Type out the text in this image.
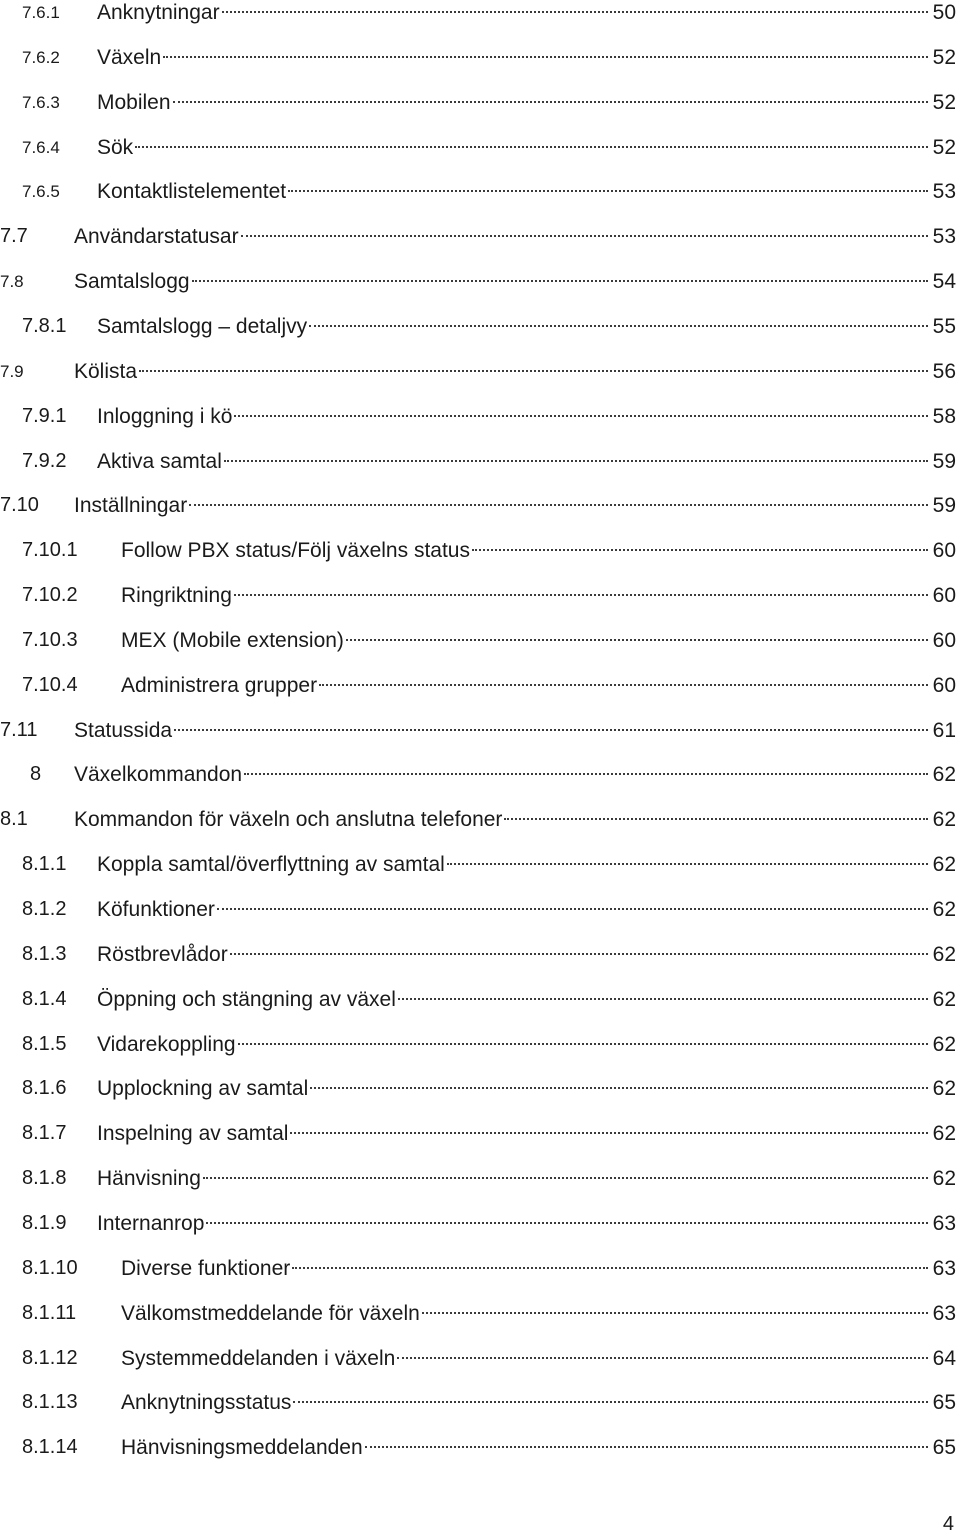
7.6.1 Anknytningar	50
7.6.2 Växeln	52
7.6.3 Mobilen	52
7.6.4 Sök	52
7.6.5 Kontaktlistelementet	53
7.7 Användarstatusar	53
7.8 Samtalslogg	54
7.8.1 Samtalslogg – detaljvy	55
7.9 Kölista	56
7.9.1 Inloggning i kö	58
7.9.2 Aktiva samtal	59
7.10 Inställningar	59
7.10.1 Follow PBX status/Följ växelns status	60
7.10.2 Ringriktning	60
7.10.3 MEX (Mobile extension)	60
7.10.4 Administrera grupper	60
7.11 Statussida	61
8 Växelkommandon	62
8.1 Kommandon för växeln och anslutna telefoner	62
8.1.1 Koppla samtal/överflyttning av samtal	62
8.1.2 Köfunktioner	62
8.1.3 Röstbrevlådor	62
8.1.4 Öppning och stängning av växel	62
8.1.5 Vidarekoppling	62
8.1.6 Upplockning av samtal	62
8.1.7 Inspelning av samtal	62
8.1.8 Hänvisning	62
8.1.9 Internanrop	63
8.1.10 Diverse funktioner	63
8.1.11 Välkomstmeddelande för växeln	63
8.1.12 Systemmeddelanden i växeln	64
8.1.13 Anknytningsstatus	65
8.1.14 Hänvisningsmeddelanden	65
4
